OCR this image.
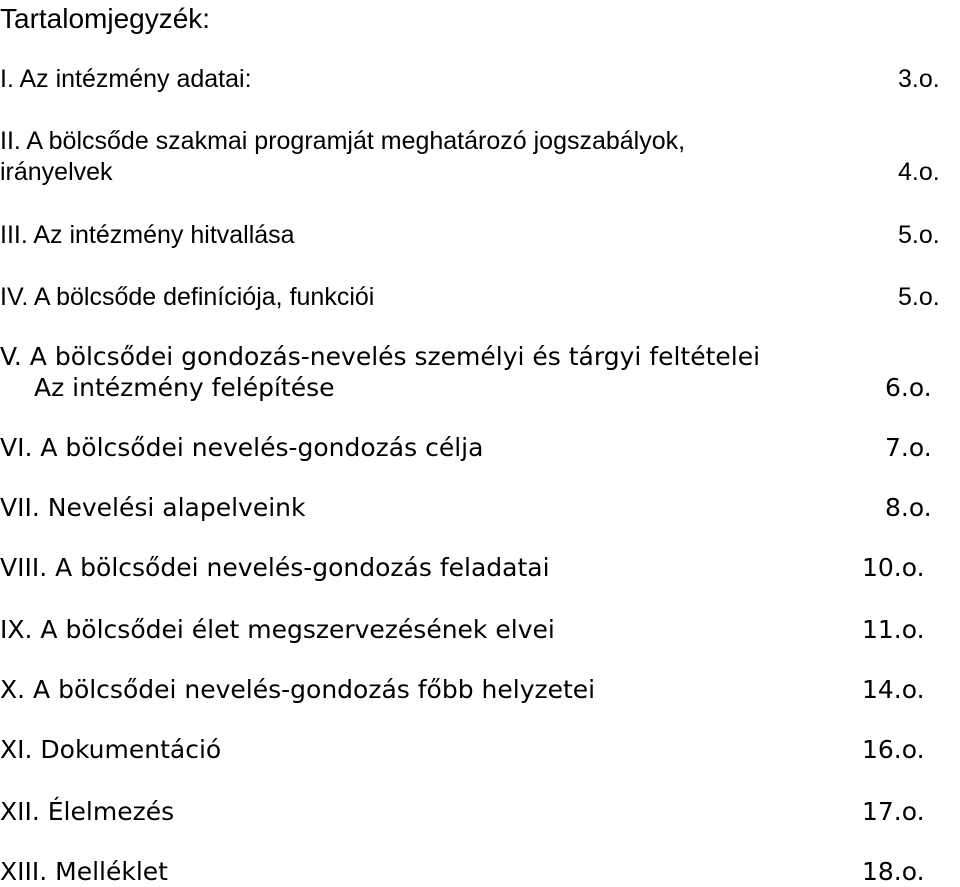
Tartalomjegyzék:
I. Az intézmény adatai:	3.o.
II. A bölcsőde szakmai programját meghatározó jogszabályok,
irányelvek	4.o.
III. Az intézmény hitvallása	5.o.
IV. A bölcsőde definíciója, funkciói	5.o.
V. A bölcsődei gondozás-nevelés személyi és tárgyi feltételei
Az intézmény felépítése	6.o.
VI. A bölcsődei nevelés-gondozás célja	7.o.
VII. Nevelési alapelveink	8.o.
VIII. A bölcsődei nevelés-gondozás feladatai	10.o.
IX. A bölcsődei élet megszervezésének elvei	11.o.
X. A bölcsődei nevelés-gondozás főbb helyzetei	14.o.
XI. Dokumentáció	16.o.
XII. Élelmezés	17.o.
XIII. Melléklet	18.o.
